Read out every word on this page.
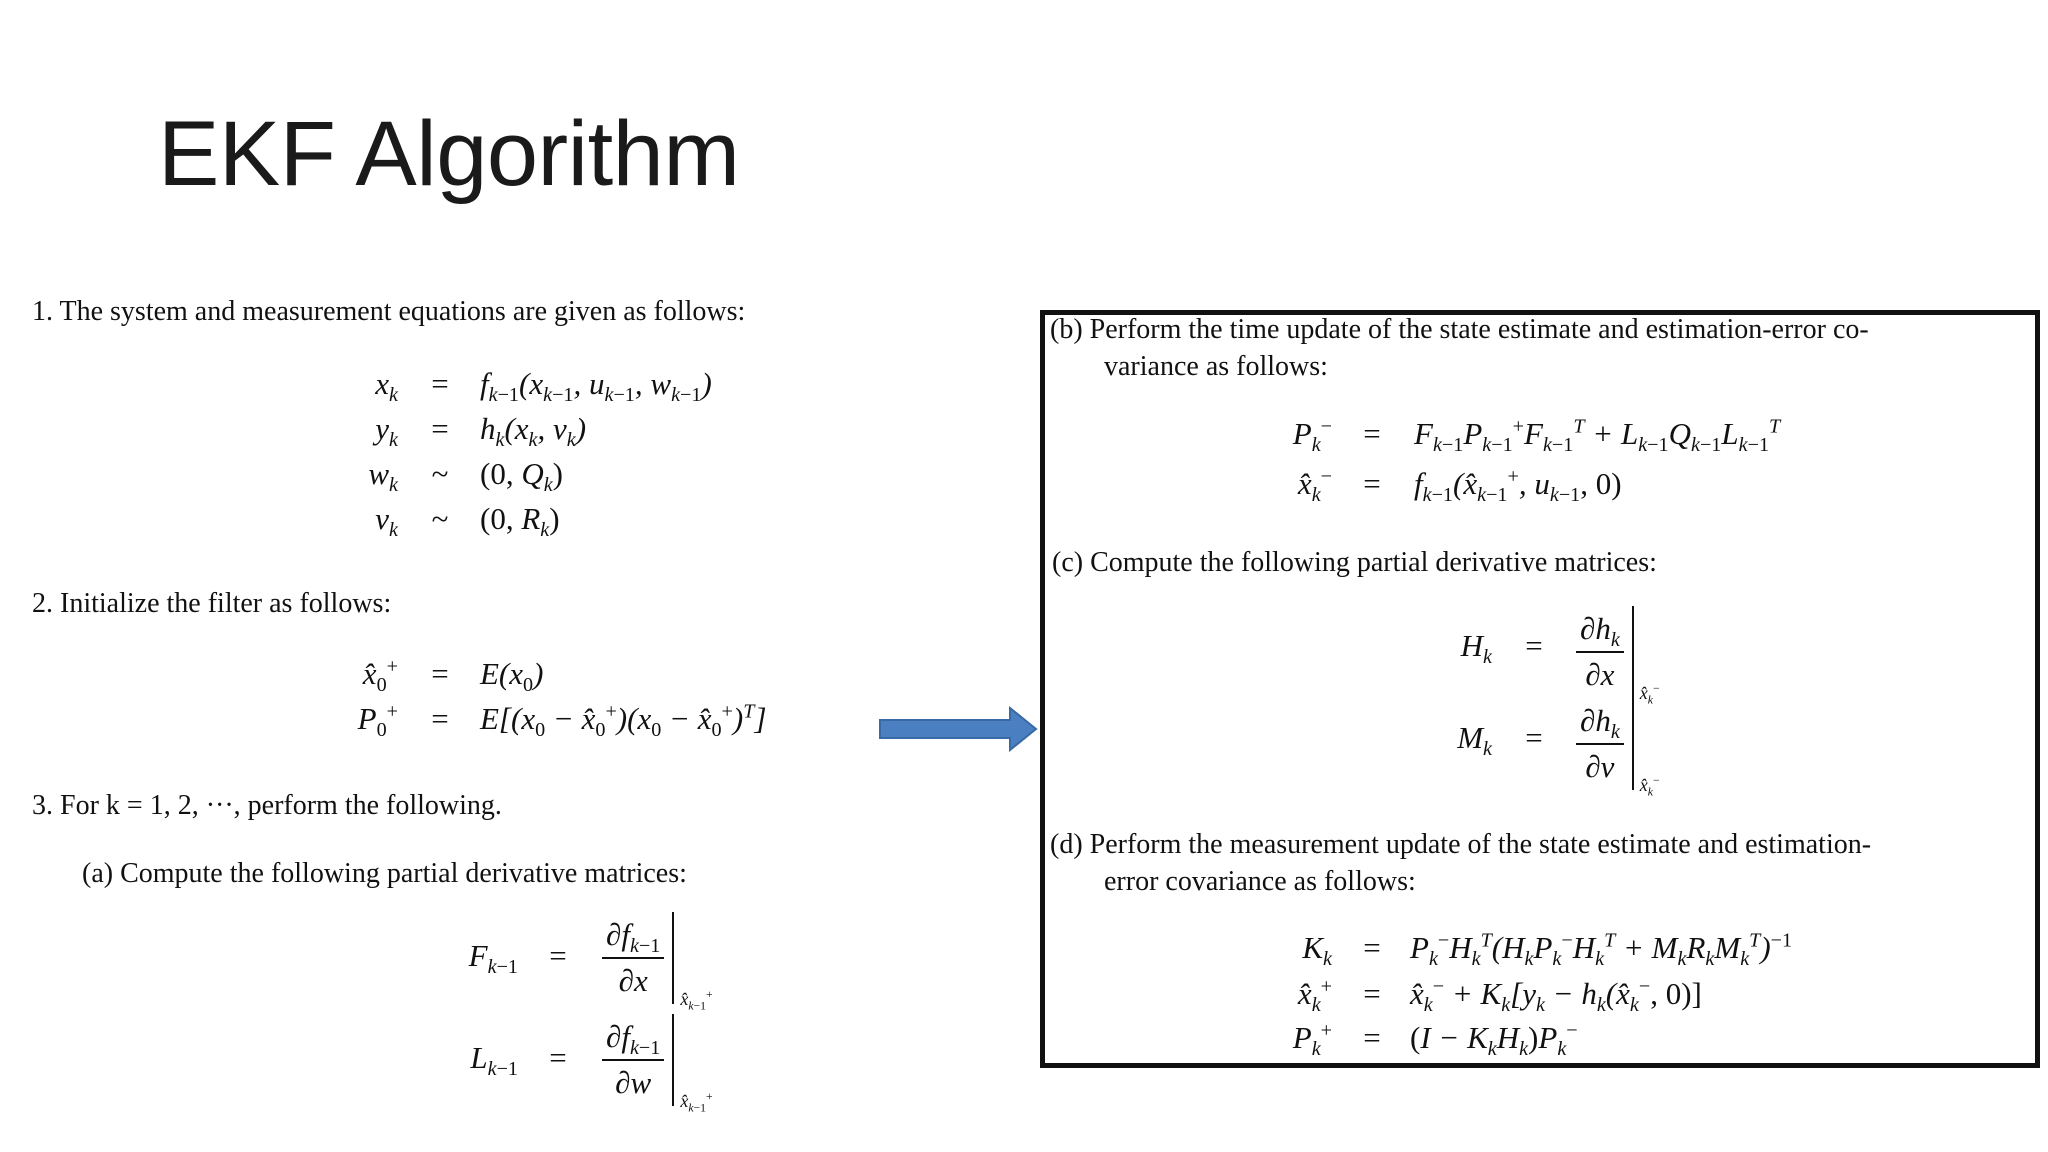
EKF Algorithm
1. The system and measurement equations are given as follows:
$x_k$	=	$f_{k-1}(x_{k-1}$, $u_{k-1}$, $w_{k-1}$)
$y_k$	=	$h_k(x_k$, $v_k$)
$w_k$	~	(0, $Q_k$)
$v_k$	~	(0, $R_k$)
2. Initialize the filter as follows:
$x̂_0^+$	=	$E(x_0)$
$P_0^+$	=	$E[(x_0$ − $x̂_0^+)(x_0$ − $x̂_0^+)^T$]
3. For k = 1, 2, ···, perform the following.
(a) Compute the following partial derivative matrices:
$F_{k-1}$	=	$\frac{\partial f_{k-1}}{\partial x}$ $x̂_{k-1}^+$
$L_{k-1}$	=	$\frac{\partial f_{k-1}}{\partial w}$ $x̂_{k-1}^+$
(b) Perform the time update of the state estimate and estimation-error co-
variance as follows:
$P_k^-$	=	$F_{k-1}P_{k-1}^+F_{k-1}^T + L_{k-1}Q_{k-1}L_{k-1}^T$
$x̂_k^-$	=	$f_{k-1}(x̂_{k-1}^+$, $u_{k-1}$, 0)
(c) Compute the following partial derivative matrices:
$H_k$	=	$\frac{\partial h_k}{\partial x}$ $x̂_k^-$
$M_k$	=	$\frac{\partial h_k}{\partial v}$ $x̂_k^-$
(d) Perform the measurement update of the state estimate and estimation-
error covariance as follows:
$K_k$	= $P_k^-H_k^T(H_kP_k^-H_k^T + M_kR_kM_k^T)^{-1}$
$x̂_k^+$	= $x̂_k^- + K_k[y_k$ − $h_k(x̂_k^-$, 0)]
$P_k^+$	= $(I - K_kH_k)P_k^-$
